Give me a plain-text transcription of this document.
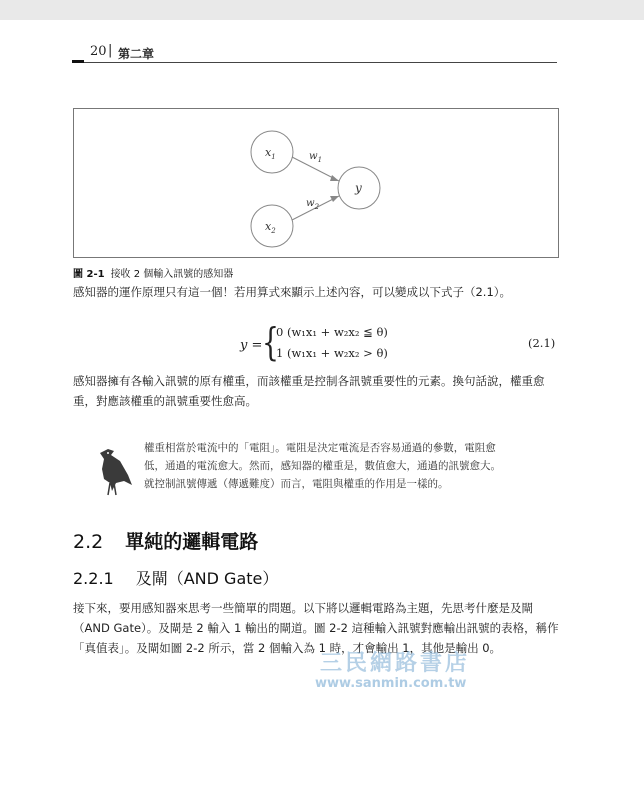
20 | 第二章
$x_1$
$x_2$
y
$w_1$
$w_2$
圖 2-1 接收 2 個輸入訊號的感知器
感知器的運作原理只有這一個！若用算式來顯示上述內容，可以變成以下式子（2.1）。
y = {
0 (w₁x₁ + w₂x₂ ≦ θ)
1 (w₁x₁ + w₂x₂ > θ)
(2.1)
感知器擁有各輸入訊號的原有權重，而該權重是控制各訊號重要性的元素。換句話說，權重愈重，對應該權重的訊號重要性愈高。
權重相當於電流中的「電阻」。電阻是決定電流是否容易通過的參數，電阻愈低，通過的電流愈大。然而，感知器的權重是，數值愈大，通過的訊號愈大。就控制訊號傳遞（傳遞難度）而言，電阻與權重的作用是一樣的。
2.2 單純的邏輯電路
2.2.1 及閘（AND Gate）
接下來，要用感知器來思考一些簡單的問題。以下將以邏輯電路為主題，先思考什麼是及閘（AND Gate）。及閘是 2 輸入 1 輸出的閘道。圖 2-2 這種輸入訊號對應輸出訊號的表格，稱作「真值表」。及閘如圖 2-2 所示，當 2 個輸入為 1 時，才會輸出 1，其他是輸出 0。
三民網路書店
www.sanmin.com.tw
